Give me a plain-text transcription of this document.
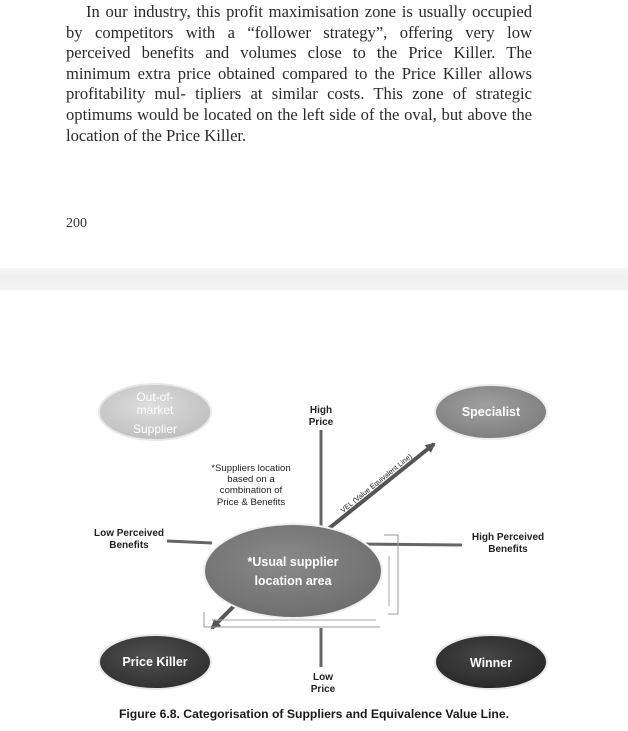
In our industry, this profit maximisation zone is usually occupied by competitors with a “follower strategy”, offering very low perceived benefits and volumes close to the Price Killer. The minimum extra price obtained compared to the Price Killer allows profitability mul- tipliers at similar costs. This zone of strategic optimums would be located on the left side of the oval, but above the location of the Price Killer.

200
Out-of-
market
Supplier
Specialist
Price Killer	Winner
*Usual supplier
location area
High
Price
Low
Price
Low Perceived
Benefits
High Perceived
Benefits
*Suppliers location
based on a
combination of
Price & Benefits	VEL (Value Equivalent Line)
Figure 6.8. Categorisation of Suppliers and Equivalence Value Line.
